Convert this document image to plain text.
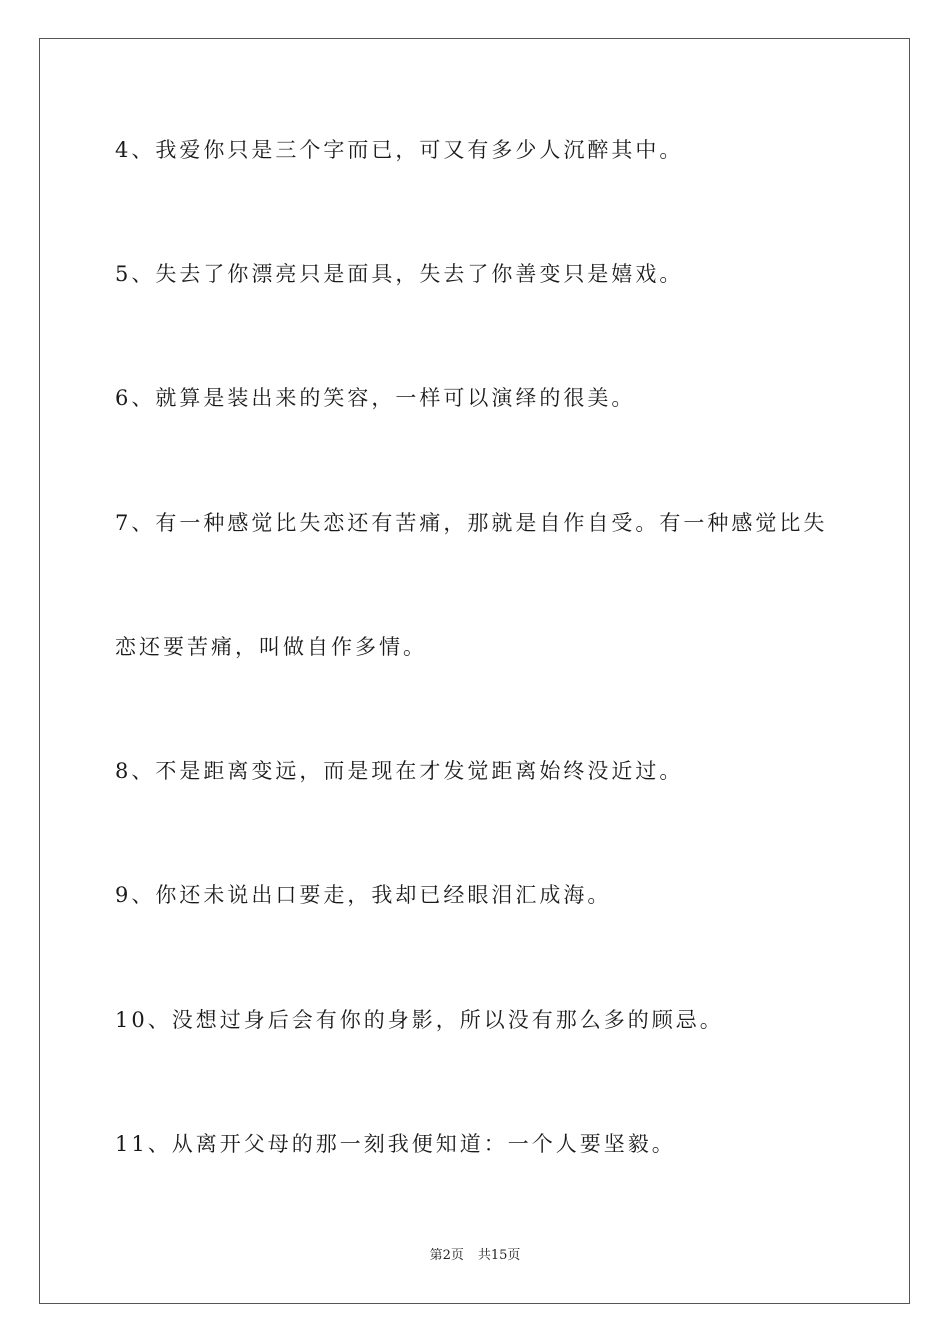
4、我爱你只是三个字而已，可又有多少人沉醉其中。
5、失去了你漂亮只是面具，失去了你善变只是嬉戏。
6、就算是装出来的笑容，一样可以演绎的很美。
7、有一种感觉比失恋还有苦痛，那就是自作自受。有一种感觉比失
恋还要苦痛，叫做自作多情。
8、不是距离变远，而是现在才发觉距离始终没近过。
9、你还未说出口要走，我却已经眼泪汇成海。
10、没想过身后会有你的身影，所以没有那么多的顾忌。
11、从离开父母的那一刻我便知道：一个人要坚毅。
第2页 共15页
